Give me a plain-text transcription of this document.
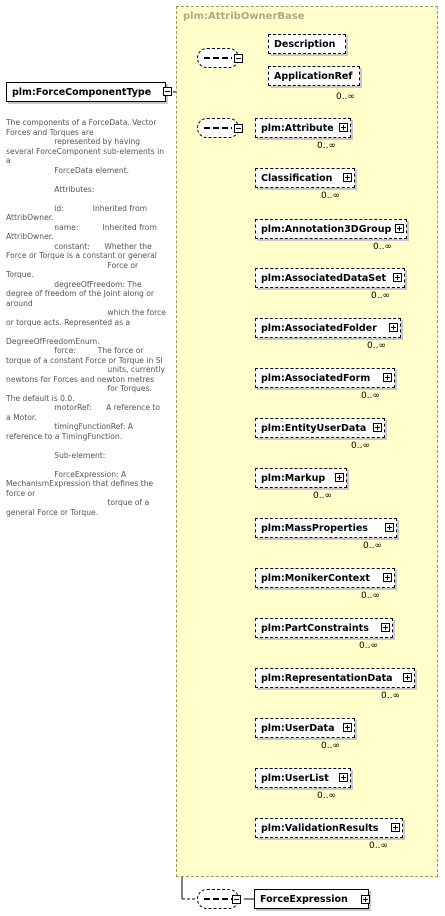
plm:AttribOwnerBase
plm:ForceComponentType
The components of a ForceData. Vector Forces and Torques are
represented by having several ForceComponent sub-elements in a
ForceData element.

Attributes:

id:            Inherited from AttribOwner.
name:          Inherited from AttribOwner.
constant:      Whether the Force or Torque is a constant or general
Force or Torque.
degreeOfFreedom: The degree of freedom of the Joint along or around
which the force or torque acts. Represented as a
DegreeOfFreedomEnum.
force:         The force or torque of a constant Force or Torque in SI
units, currently newtons for Forces and newton metres
for Torques. The default is 0.0.
motorRef:      A reference to a Motor.
timingFunctionRef: A reference to a TimingFunction.

Sub-element:

ForceExpression: A MechanismExpression that defines the force or
torque of a general Force or Torque.
Description
ApplicationRef
0..∞
plm:Attribute
0..∞
Classification
0..∞
plm:Annotation3DGroup
0..∞
plm:AssociatedDataSet
0..∞
plm:AssociatedFolder
0..∞
plm:AssociatedForm
0..∞
plm:EntityUserData
0..∞
plm:Markup
0..∞
plm:MassProperties
0..∞
plm:MonikerContext
0..∞
plm:PartConstraints
0..∞
plm:RepresentationData
0..∞
plm:UserData
0..∞
plm:UserList
0..∞
plm:ValidationResults
0..∞
ForceExpression
